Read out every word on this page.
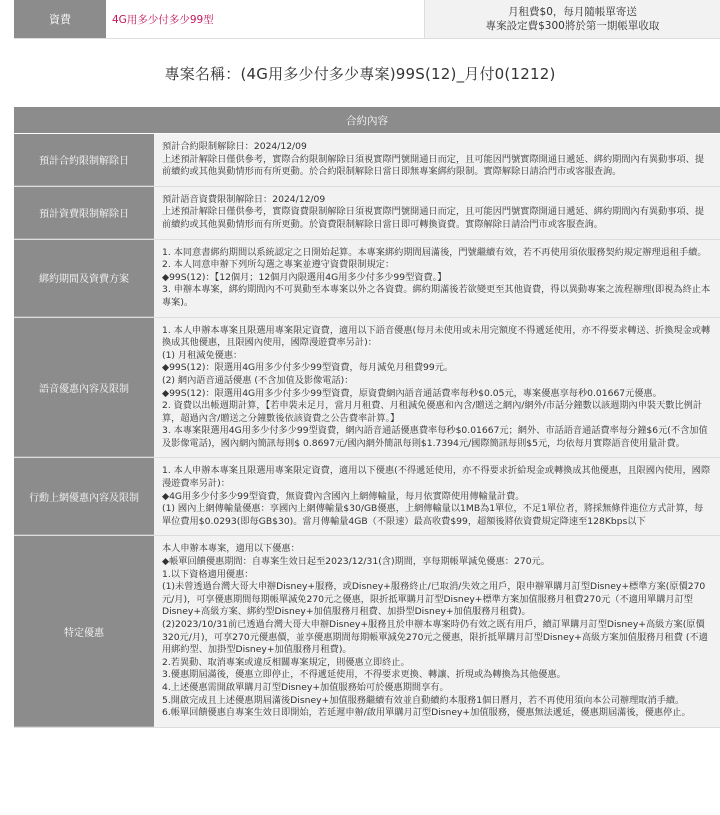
資費	4G用多少付多少99型
月租費$0，每月隨帳單寄送
專案設定費$300將於第一期帳單收取
專案名稱：(4G用多少付多少專案)99S(12)_月付0(1212)
合約內容
預計合約限制解除日

預計合約限制解除日：2024/12/09

上述預計解除日僅供參考，實際合約限制解除日須視實際門號開通日而定，且可能因門號實際開通日遞延、綁約期間內有異動事項、提前續約或其他異動情形而有所更動。於合約限制解除日當日即無專案綁約限制。實際解除日請洽門市或客服查詢。

預計資費限制解除日

預計語音資費限制解除日：2024/12/09

上述預計解除日僅供參考，實際資費限制解除日須視實際門號開通日而定，且可能因門號實際開通日遞延、綁約期間內有異動事項、提前續約或其他異動情形而有所更動。於資費限制解除日當日即可轉換資費。實際解除日請洽門市或客服查詢。

綁約期間及資費方案

1. 本同意書綁約期間以系統認定之日開始起算。本專案綁約期間屆滿後，門號繼續有效，若不再使用須依服務契約規定辦理退租手續。

2. 本人同意申辦下列所勾選之專案並遵守資費限制規定：

◆99S(12)：【12個月；12個月內限選用4G用多少付多少99型資費。】

3. 申辦本專案，綁約期間內不可異動至本專案以外之各資費。綁約期滿後若欲變更至其他資費，得以異動專案之流程辦理(即視為終止本專案)。

語音優惠內容及限制

1. 本人申辦本專案且限選用專案限定資費，適用以下語音優惠(每月未使用或未用完額度不得遞延使用，亦不得要求轉送、折換現金或轉換成其他優惠，且限國內使用，國際漫遊費率另計)：

(1) 月租減免優惠：

◆99S(12)：限選用4G用多少付多少99型資費，每月減免月租費99元。

(2) 網內語音通話優惠 (不含加值及影像電話)：

◆99S(12)：限選用4G用多少付多少99型資費，原資費網內語音通話費率每秒$0.05元，專案優惠享每秒0.01667元優惠。

2. 資費以出帳週期計算，【若申裝未足月，當月月租費、月租減免優惠和內含/贈送之網內/網外/市話分鐘數以該週期內申裝天數比例計算，超過內含/贈送之分鐘數後依該資費之公告費率計算。】

3. 本專案限選用4G用多少付多少99型資費，網內語音通話優惠費率每秒$0.01667元；網外、市話語音通話費率每分鐘$6元(不含加值及影像電話)，國內網內簡訊每則$ 0.8697元/國內網外簡訊每則$1.7394元/國際簡訊每則$5元，均依每月實際語音使用量計費。

行動上網優惠內容及限制

1. 本人申辦本專案且限選用專案限定資費，適用以下優惠(不得遞延使用，亦不得要求折給現金或轉換成其他優惠，且限國內使用，國際漫遊費率另計)：

◆4G用多少付多少99型資費，無資費內含國內上網傳輸量，每月依實際使用傳輸量計費。

(1) 國內上網傳輸量優惠：享國內上網傳輸量$30/GB優惠，上網傳輸量以1MB為1單位，不足1單位者，將採無條件進位方式計算，每單位費用$0.0293(即每GB$30)。當月傳輸量4GB（不限速）最高收費$99，超額後將依資費規定降速至128Kbps以下

特定優惠

本人申辦本專案，適用以下優惠：

◆帳單回饋優惠期間：自專案生效日起至2023/12/31(含)期間，享每期帳單減免優惠：270元。

1.以下資格適用優惠：

(1)未曾透過台灣大哥大申辦Disney+服務，或Disney+服務終止/已取消/失效之用戶，限申辦單購月訂型Disney+標準方案(原價270元/月)，可享優惠期間每期帳單減免270元之優惠，限折抵單購月訂型Disney+標準方案加值服務月租費270元（不適用單購月訂型Disney+高級方案、綁約型Disney+加值服務月租費、加掛型Disney+加值服務月租費)。

(2)2023/10/31前已透過台灣大哥大申辦Disney+服務且於申辦本專案時仍有效之既有用戶，續訂單購月訂型Disney+高級方案(原價320元/月)，可享270元優惠價，並享優惠期間每期帳單減免270元之優惠，限折抵單購月訂型Disney+高級方案加值服務月租費 (不適用綁約型、加掛型Disney+加值服務月租費)。

2.若異動、取消專案或違反相關專案規定，則優惠立即終止。

3.優惠期屆滿後，優惠立即停止，不得遞延使用，不得要求更換、轉讓、折現或為轉換為其他優惠。

4.上述優惠需開啟單購月訂型Disney+加值服務始可於優惠期間享有。

5.開啟完成且上述優惠期屆滿後Disney+加值服務繼續有效並自動續約本服務1個日曆月，若不再使用須向本公司辦理取消手續。

6.帳單回饋優惠自專案生效日即開始，若延遲申辦/啟用單購月訂型Disney+加值服務，優惠無法遞延，優惠期屆滿後，優惠停止。
